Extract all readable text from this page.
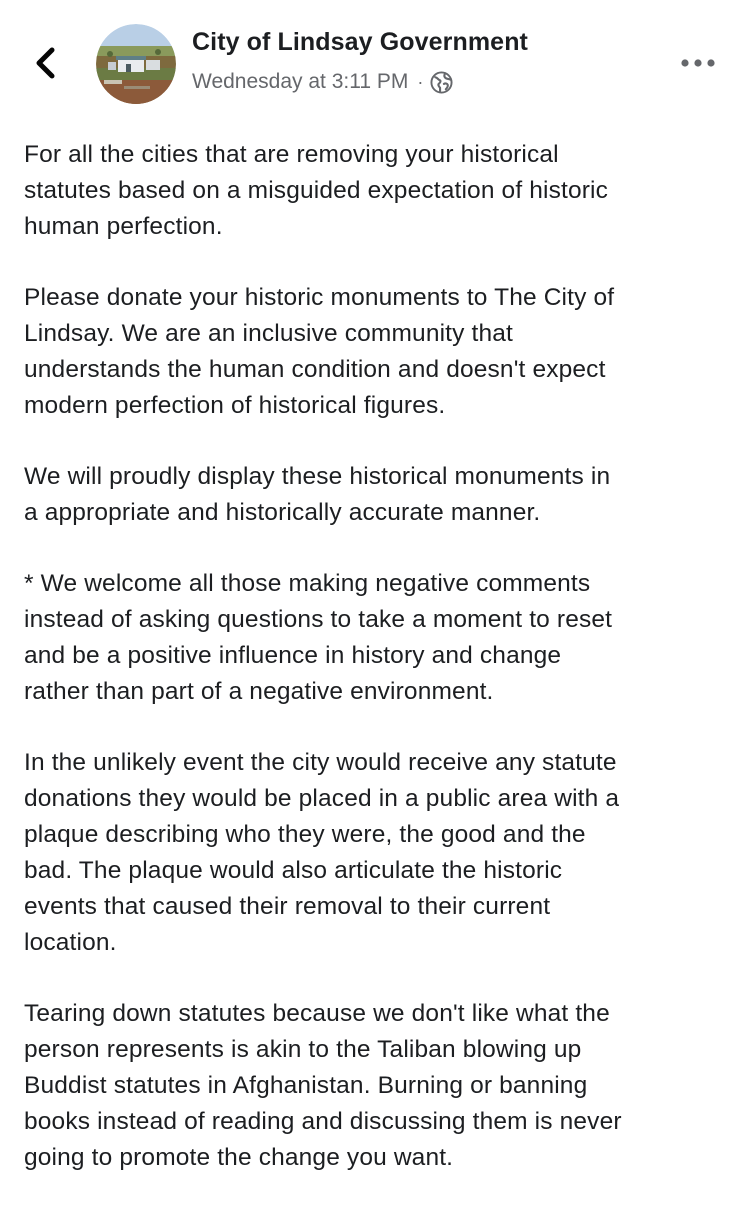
City of Lindsay Government
Wednesday at 3:11 PM ·

For all the cities that are removing your historical
statutes based on a misguided expectation of historic
human perfection.

Please donate your historic monuments to The City of
Lindsay. We are an inclusive community that
understands the human condition and doesn't expect
modern perfection of historical figures.

We will proudly display these historical monuments in
a appropriate and historically accurate manner.

* We welcome all those making negative comments
instead of asking questions to take a moment to reset
and be a positive influence in history and change
rather than part of a negative environment.

In the unlikely event the city would receive any statute
donations they would be placed in a public area with a
plaque describing who they were, the good and the
bad. The plaque would also articulate the historic
events that caused their removal to their current
location.

Tearing down statutes because we don't like what the
person represents is akin to the Taliban blowing up
Buddist statutes in Afghanistan. Burning or banning
books instead of reading and discussing them is never
going to promote the change you want.
